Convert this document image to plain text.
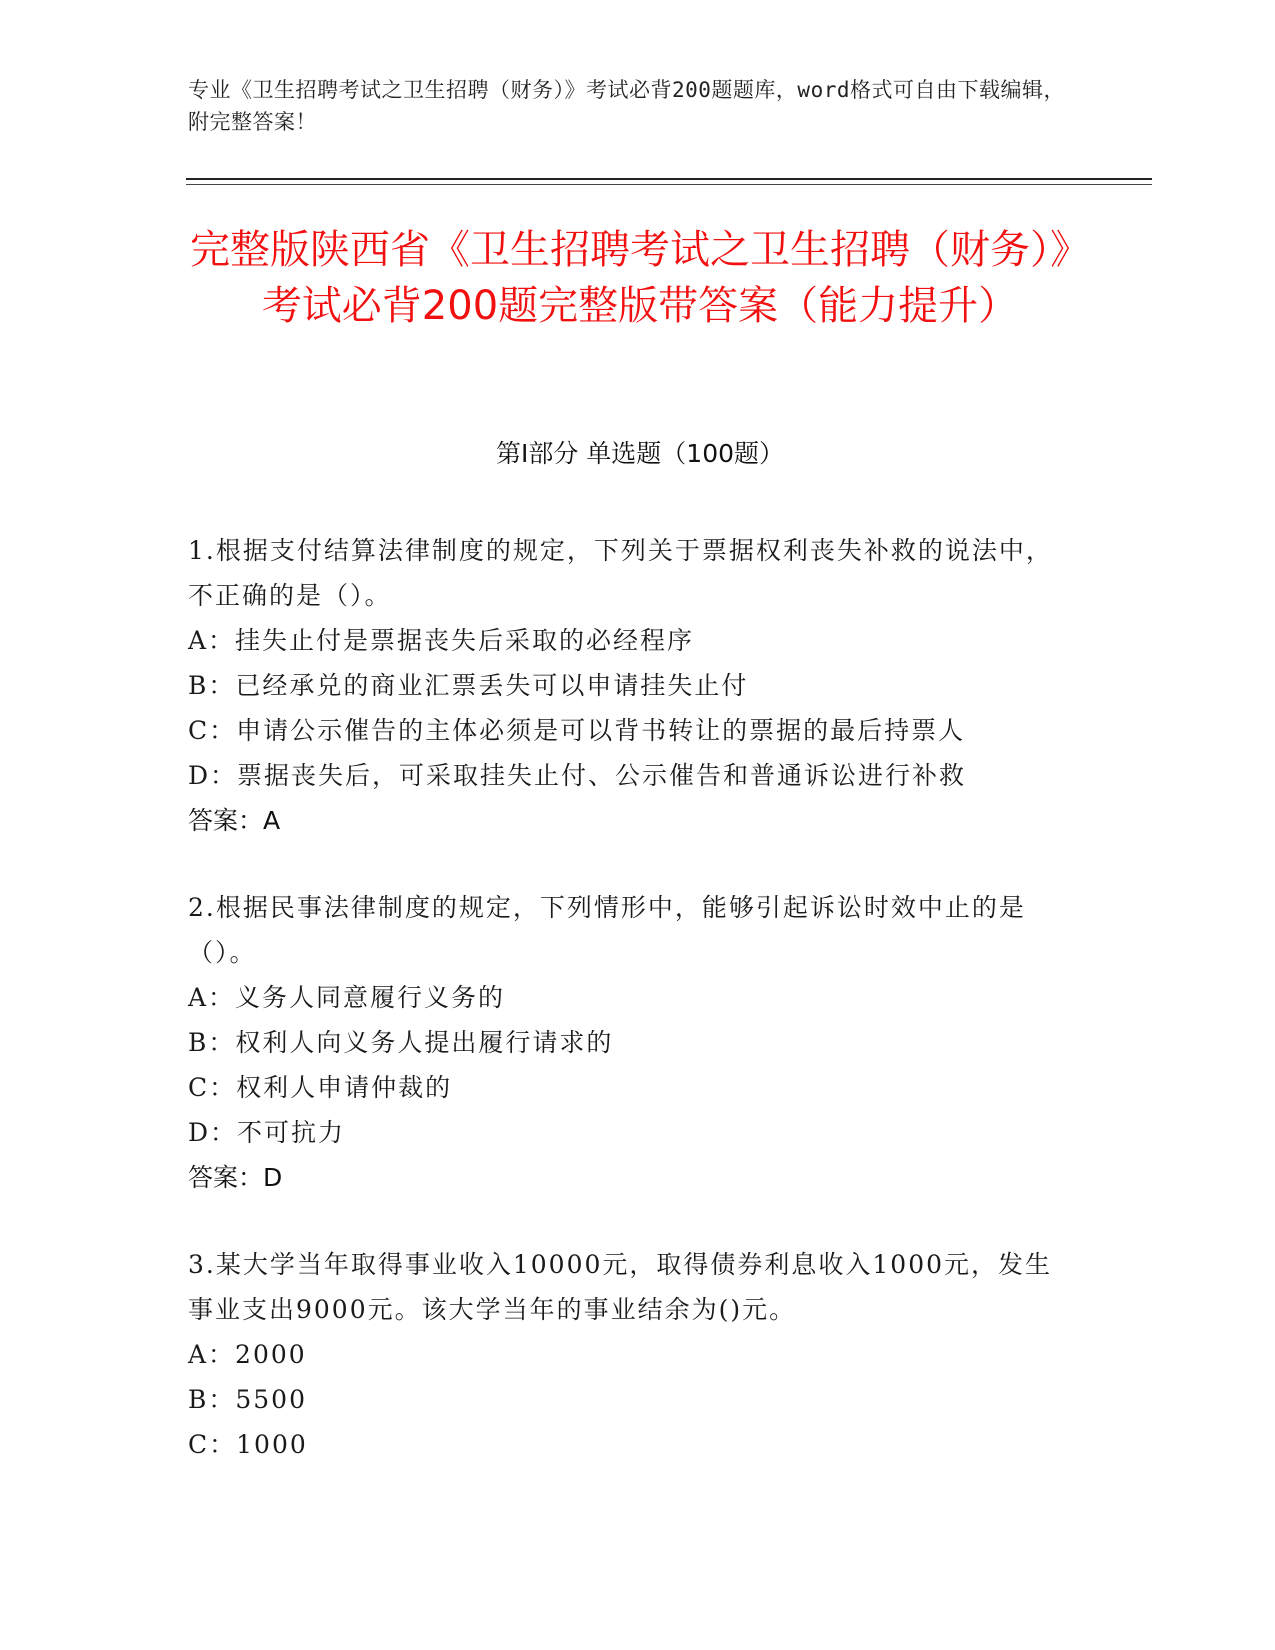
专业《卫生招聘考试之卫生招聘（财务）》考试必背200题题库，word格式可自由下载编辑，附完整答案！
完整版陕西省《卫生招聘考试之卫生招聘（财务）》考试必背200题完整版带答案（能力提升）
第Ⅰ部分 单选题（100题）
1.根据支付结算法律制度的规定，下列关于票据权利丧失补救的说法中，不正确的是（）。
A：挂失止付是票据丧失后采取的必经程序
B：已经承兑的商业汇票丢失可以申请挂失止付
C：申请公示催告的主体必须是可以背书转让的票据的最后持票人
D：票据丧失后，可采取挂失止付、公示催告和普通诉讼进行补救
答案：A
2.根据民事法律制度的规定，下列情形中，能够引起诉讼时效中止的是（）。
A：义务人同意履行义务的
B：权利人向义务人提出履行请求的
C：权利人申请仲裁的
D：不可抗力
答案：D
3.某大学当年取得事业收入10000元，取得债券利息收入1000元，发生事业支出9000元。该大学当年的事业结余为()元。
A：2000
B：5500
C：1000
